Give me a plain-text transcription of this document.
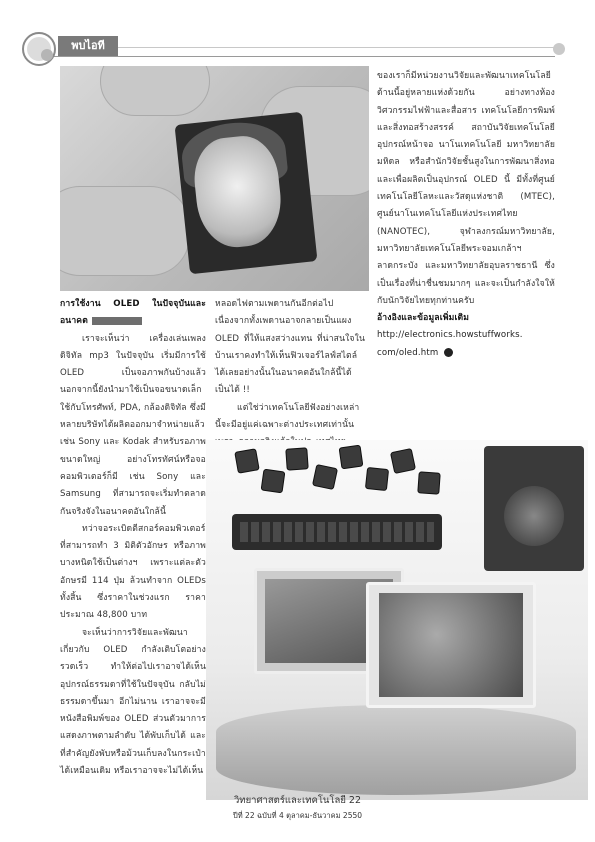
พบไอที

ของเราก็มีหน่วยงานวิจัยและพัฒนาเทคโนโลยีด้านนี้อยู่หลายแห่งด้วยกัน อย่างทางห้องวิศวกรรมไฟฟ้าและสื่อสาร เทคโนโลยีการพิมพ์และสิ่งทอสร้างสรรค์ สถาบันวิจัยเทคโนโลยีอุปกรณ์หน้าจอ นาโนเทคโนโลยี มหาวิทยาลัยมหิดล หรือสำนักวิจัยชั้นสูงในการพัฒนาสิ่งทอ และเพื่อผลิตเป็นอุปกรณ์ OLED นี้ มีทั้งที่ศูนย์เทคโนโลยีโลหะและวัสดุแห่งชาติ (MTEC), ศูนย์นาโนเทคโนโลยีแห่งประเทศไทย (NANOTEC), จุฬาลงกรณ์มหาวิทยาลัย, มหาวิทยาลัยเทคโนโลยีพระจอมเกล้าฯ ลาดกระบัง และมหาวิทยาลัยอุบลราชธานี ซึ่งเป็นเรื่องที่น่าชื่นชมมากๆ และจะเป็นกำลังใจให้กับนักวิจัยไทยทุกท่านครับ

อ้างอิงและข้อมูลเพิ่มเติม

http://electronics.howstuffworks.
com/oled.htm

การใช้งาน OLED ในปัจจุบันและอนาคต

เราจะเห็นว่า เครื่องเล่นเพลงดิจิทัล mp3 ในปัจจุบัน เริ่มมีการใช้ OLED เป็นจอภาพกันบ้างแล้ว นอกจากนี้ยังนำมาใช้เป็นจอขนาดเล็ก ใช้กับโทรศัพท์, PDA, กล้องดิจิทัล ซึ่งมีหลายบริษัทได้ผลิตออกมาจำหน่ายแล้ว เช่น Sony และ Kodak สำหรับรอภาพขนาดใหญ่ อย่างโทรทัศน์หรือจอคอมพิวเตอร์ก็มี เช่น Sony และ Samsung ที่สามารถจะเริ่มทำตลาดกันจริงจังในอนาคตอันใกล้นี้

ทว่าจอระเบิดตีสกอร์คอมพิวเตอร์ ที่สามารถทำ 3 มิติตัวอักษร หรือภาพบางหนิดใช้เป็นต่างฯ เพราะแต่ละตัวอักษรมี 114 ปุ่ม ล้วนทำจาก OLEDs ทั้งสิ้น ซึ่งราคาในช่วงแรก ราคาประมาณ 48,800 บาท

จะเห็นว่าการวิจัยและพัฒนาเกี่ยวกับ OLED กำลังเติบโตอย่างรวดเร็ว ทำให้ต่อไปเราอาจได้เห็นอุปกรณ์ธรรมดาที่ใช้ในปัจจุบัน กลับไม่ธรรมดาขึ้นมา อีกไม่นาน เราอาจจะมีหนังสือพิมพ์ของ OLED ส่วนตัวมาการแสดงภาพตามลำดับ ได้พับเก็บได้ และที่สำคัญยังพับหรือม้วนเก็บลงในกระเป๋าได้เหมือนเดิม หรือเราอาจจะไม่ได้เห็น

หลอดไฟตามเพดานกันอีกต่อไป เนื่องจากทั้งเพดานอาจกลายเป็นแผง OLED ที่ให้แสงสว่างแทน ที่น่าสนใจในบ้านเราคงทำให้เห็นฟิวเจอร์ไลฟ์สไตล์ได้เลยอย่างนั้นในอนาคตอันใกล้นี้ได้เป็นได้ !!

แต่ใช่ว่าเทคโนโลยีฟังอย่างเหล่านี้จะมีอยู่แค่เฉพาะต่างประเทศเท่านั้น

วิทยาศาสตร์และเทคโนโลยี 22
ปีที่ 22 ฉบับที่ 4 ตุลาคม-ธันวาคม 2550
